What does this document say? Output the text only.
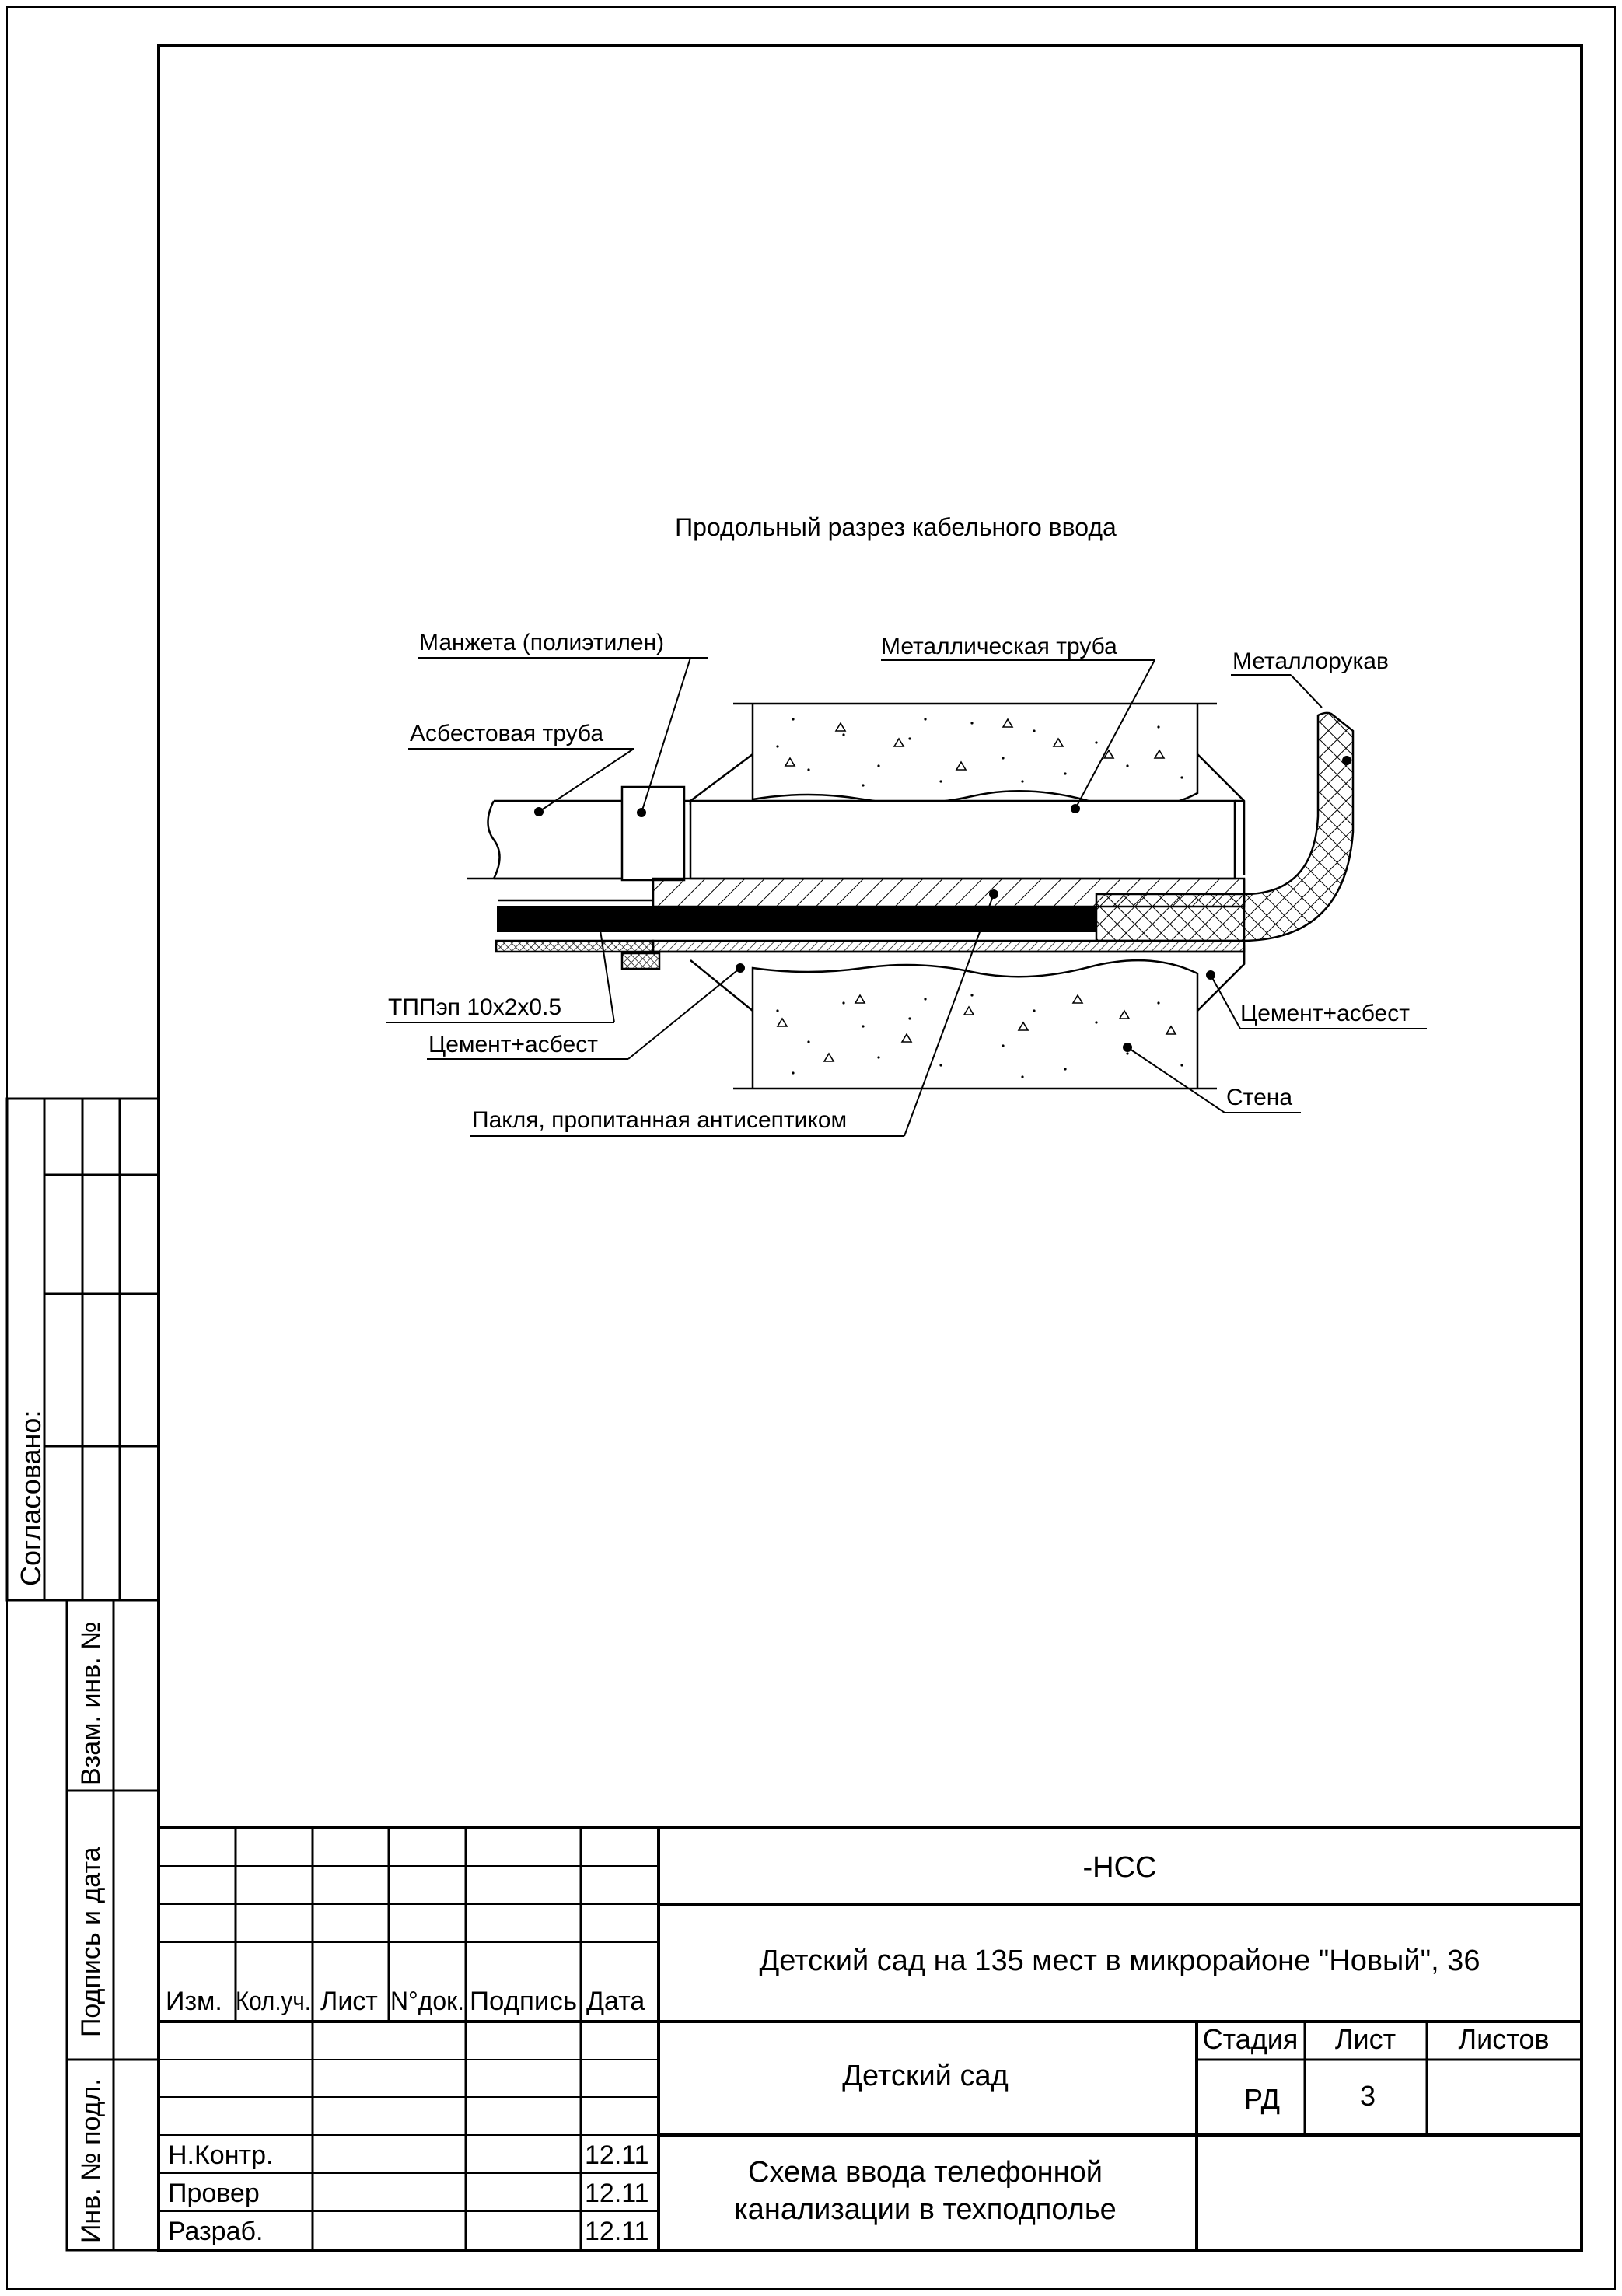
Согласовано:
Взам. инв. №
Подпись и дата
Инв. № подл.
Изм. Кол.уч. Лист N°док. Подпись Дата
Н.Контр.	12.11
Провер	12.11
Разраб.	12.11
-НСС
Детский сад на 135 мест в микрорайоне "Новый", 36
Детский сад
Схема ввода телефонной
канализации в техподполье
Стадия Лист Листов
РД	3
Продольный разрез кабельного ввода
Манжета (полиэтилен)	Металлическая труба
Металлорукав
Асбестовая труба
ТППэп 10х2х0.5
Цемент+асбест
Пакля, пропитанная антисептиком
Цемент+асбест
Стена
